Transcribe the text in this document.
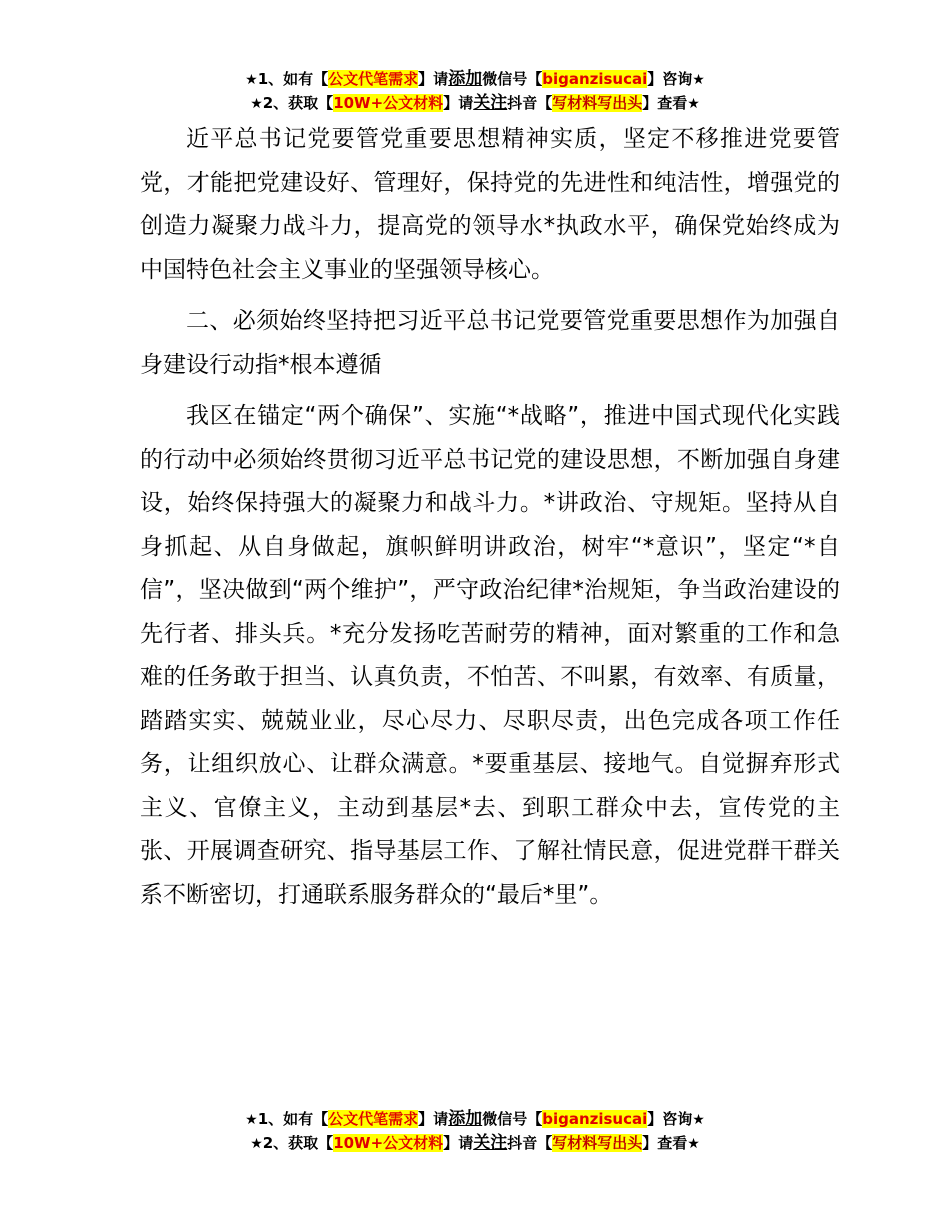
★1、如有【公文代笔需求】请添加微信号【biganzisucai】咨询★
★2、获取【10W+公文材料】请关注抖音【写材料写出头】查看★

近平总书记党要管党重要思想精神实质，坚定不移推进党要管党，才能把党建设好、管理好，保持党的先进性和纯洁性，增强党的创造力凝聚力战斗力，提高党的领导水*执政水平，确保党始终成为中国特色社会主义事业的坚强领导核心。

二、必须始终坚持把习近平总书记党要管党重要思想作为加强自身建设行动指*根本遵循

我区在锚定“两个确保”、实施“*战略”，推进中国式现代化实践的行动中必须始终贯彻习近平总书记党的建设思想，不断加强自身建设，始终保持强大的凝聚力和战斗力。*讲政治、守规矩。坚持从自身抓起、从自身做起，旗帜鲜明讲政治，树牢“*意识”，坚定“*自信”，坚决做到“两个维护”，严守政治纪律*治规矩，争当政治建设的先行者、排头兵。*充分发扬吃苦耐劳的精神，面对繁重的工作和急难的任务敢于担当、认真负责，不怕苦、不叫累，有效率、有质量，踏踏实实、兢兢业业，尽心尽力、尽职尽责，出色完成各项工作任务，让组织放心、让群众满意。*要重基层、接地气。自觉摒弃形式主义、官僚主义，主动到基层*去、到职工群众中去，宣传党的主张、开展调查研究、指导基层工作、了解社情民意，促进党群干群关系不断密切，打通联系服务群众的“最后*里”。

★1、如有【公文代笔需求】请添加微信号【biganzisucai】咨询★
★2、获取【10W+公文材料】请关注抖音【写材料写出头】查看★
